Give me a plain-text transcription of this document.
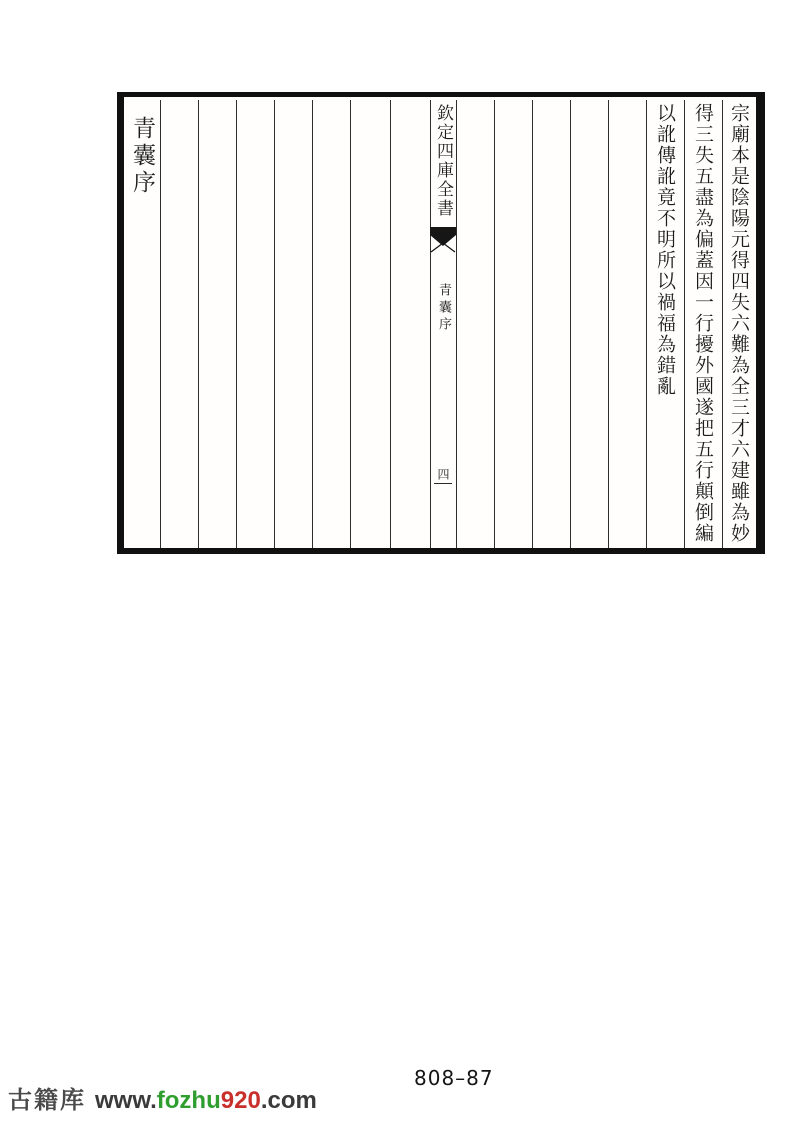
宗廟本是陰陽元得四失六難為全三才六建雖為妙
得三失五盡為偏蓋因一行擾外國遂把五行顛倒編
以訛傳訛竟不明所以禍福為錯亂
欽定四庫全書
青囊序
四
青囊序
808–87
古籍库 www.fozhu920.com
